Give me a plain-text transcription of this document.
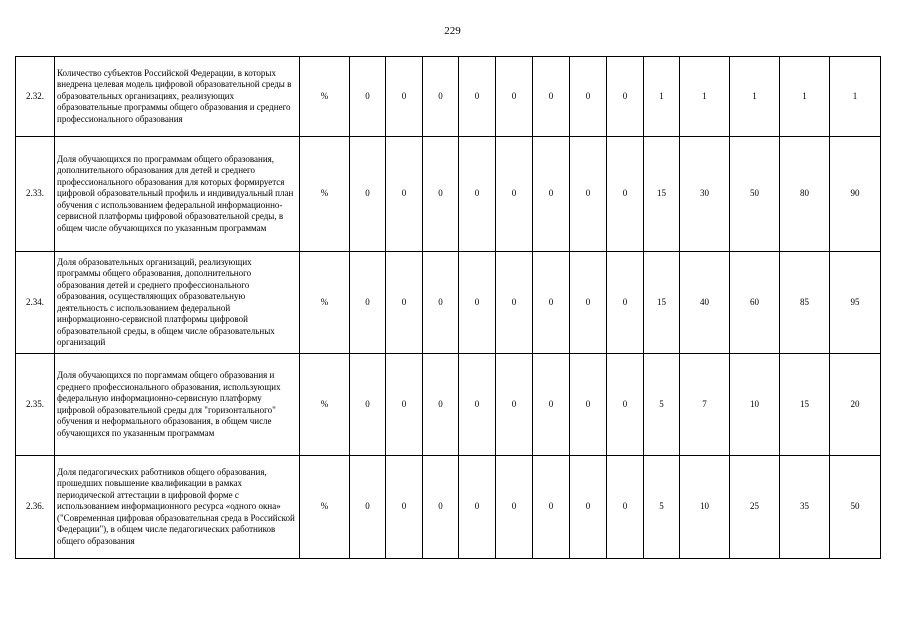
229
2.32.	Количество субъектов Российской Федерации, в которых внедрена целевая модель цифровой образовательной среды в образовательных организациях, реализующих образовательные программы общего образования и среднего профессионального образования	%	0	0	0	0	0	0	0	0	1	1	1	1	1
2.33.	Доля обучающихся по программам общего образования, дополнительного образования для детей и среднего профессионального образования для которых формируется цифровой образовательный профиль и индивидуальный план обучения с использованием федеральной информационно-сервисной платформы цифровой образовательной среды, в общем числе обучающихся по указанным программам	%	0	0	0	0	0	0	0	0	15	30	50	80	90
2.34.	Доля образовательных организаций, реализующих программы общего образования, дополнительного образования детей и среднего профессионального образования, осуществляющих образовательную деятельность с использованием федеральной информационно-сервисной платформы цифровой образовательной среды, в общем числе образовательных организаций	%	0	0	0	0	0	0	0	0	15	40	60	85	95
2.35.	Доля обучающихся по поргаммам общего образования и среднего профессионального образования, использующих федеральную информационно-сервисную платформу цифровой образовательной среды для "горизонтального" обучения и неформального образования, в общем числе обучающихся по указанным программам	%	0	0	0	0	0	0	0	0	5	7	10	15	20
2.36.	Доля педагогических работников общего образования, прошедших повышение квалификации в рамках периодической аттестации в цифровой форме с использованием информационного ресурса «одного окна» ("Современная цифровая образовательная среда в Российской Федерации"), в общем числе педагогических работников общего образования	%	0	0	0	0	0	0	0	0	5	10	25	35	50
